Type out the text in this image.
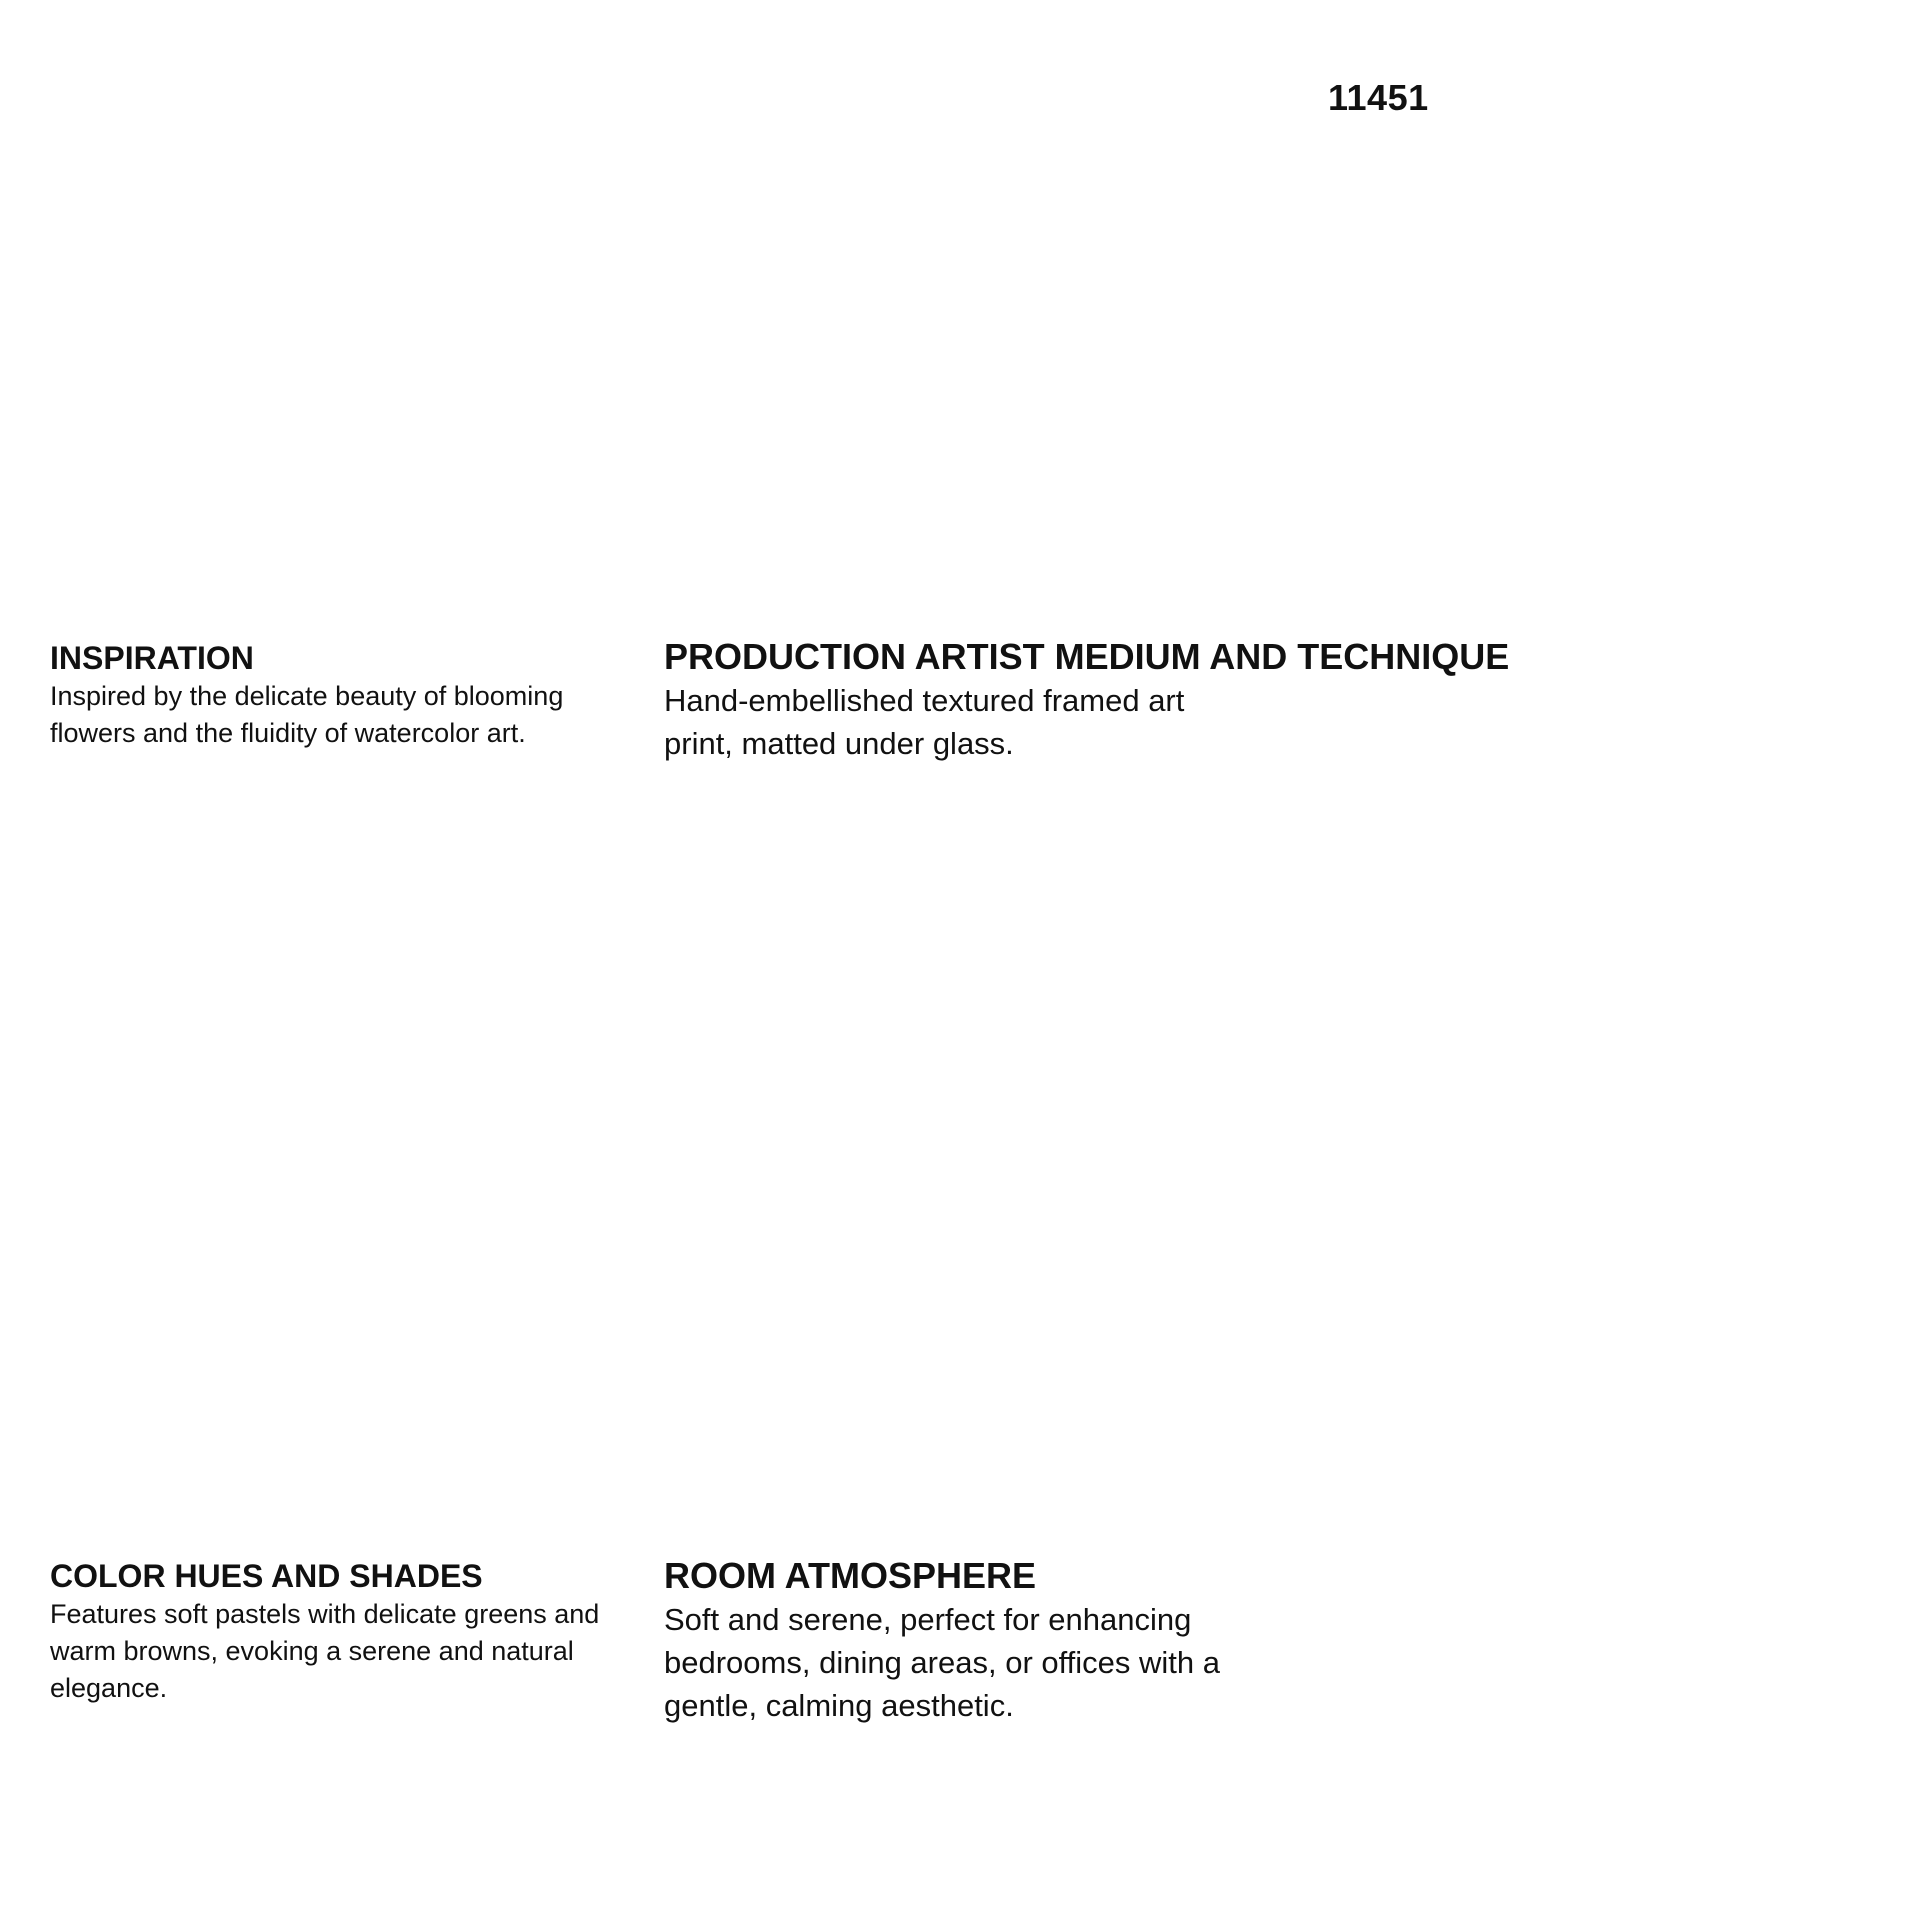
11451
INSPIRATION
Inspired by the delicate beauty of blooming flowers and the fluidity of watercolor art.
PRODUCTION ARTIST MEDIUM AND TECHNIQUE
Hand-embellished textured framed art print, matted under glass.
COLOR HUES AND SHADES
Features soft pastels with delicate greens and warm browns, evoking a serene and natural elegance.
ROOM ATMOSPHERE
Soft and serene, perfect for enhancing bedrooms, dining areas, or offices with a gentle, calming aesthetic.
